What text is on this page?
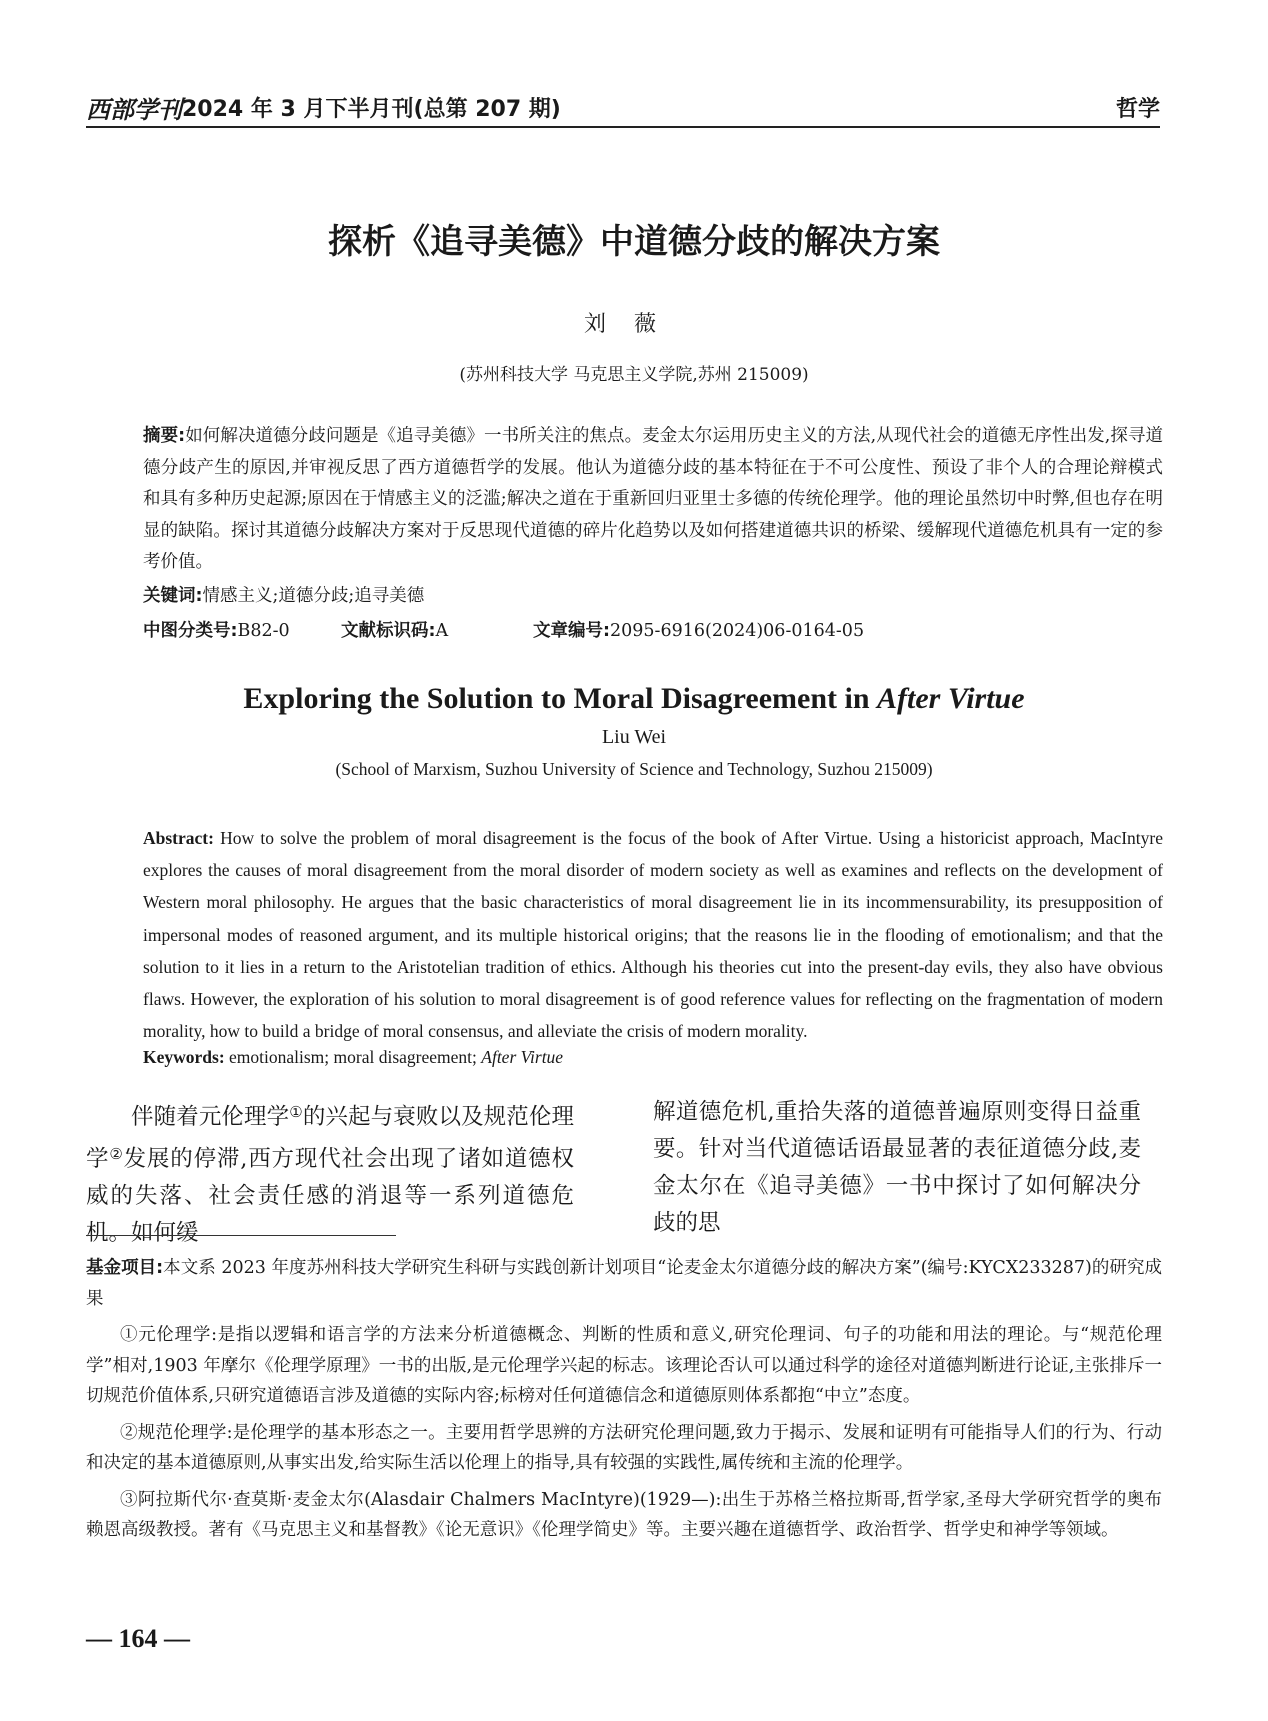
西部学刊 2024 年 3 月下半月刊(总第 207 期)	哲学
探析《追寻美德》中道德分歧的解决方案
刘薇
(苏州科技大学 马克思主义学院,苏州 215009)
摘要:如何解决道德分歧问题是《追寻美德》一书所关注的焦点。麦金太尔运用历史主义的方法,从现代社会的道德无序性出发,探寻道德分歧产生的原因,并审视反思了西方道德哲学的发展。他认为道德分歧的基本特征在于不可公度性、预设了非个人的合理论辩模式和具有多种历史起源;原因在于情感主义的泛滥;解决之道在于重新回归亚里士多德的传统伦理学。他的理论虽然切中时弊,但也存在明显的缺陷。探讨其道德分歧解决方案对于反思现代道德的碎片化趋势以及如何搭建道德共识的桥梁、缓解现代道德危机具有一定的参考价值。
关键词:情感主义;道德分歧;追寻美德
中图分类号:B82-0	文献标识码:A	文章编号:2095-6916(2024)06-0164-05
Exploring the Solution to Moral Disagreement in After Virtue
Liu Wei
(School of Marxism, Suzhou University of Science and Technology, Suzhou 215009)
Abstract: How to solve the problem of moral disagreement is the focus of the book of After Virtue. Using a historicist approach, MacIntyre explores the causes of moral disagreement from the moral disorder of modern society as well as examines and reflects on the development of Western moral philosophy. He argues that the basic characteristics of moral disagreement lie in its incommensurability, its presupposition of impersonal modes of reasoned argument, and its multiple historical origins; that the reasons lie in the flooding of emotionalism; and that the solution to it lies in a return to the Aristotelian tradition of ethics. Although his theories cut into the present-day evils, they also have obvious flaws. However, the exploration of his solution to moral disagreement is of good reference values for reflecting on the fragmentation of modern morality, how to build a bridge of moral consensus, and alleviate the crisis of modern morality.
Keywords: emotionalism; moral disagreement; After Virtue
伴随着元伦理学①的兴起与衰败以及规范伦理学②发展的停滞,西方现代社会出现了诸如道德权威的失落、社会责任感的消退等一系列道德危机。如何缓
解道德危机,重拾失落的道德普遍原则变得日益重要。针对当代道德话语最显著的表征道德分歧,麦金太尔在《追寻美德》一书中探讨了如何解决分歧的思

基金项目:本文系 2023 年度苏州科技大学研究生科研与实践创新计划项目“论麦金太尔道德分歧的解决方案”(编号:KYCX233287)的研究成果

①元伦理学:是指以逻辑和语言学的方法来分析道德概念、判断的性质和意义,研究伦理词、句子的功能和用法的理论。与“规范伦理学”相对,1903 年摩尔《伦理学原理》一书的出版,是元伦理学兴起的标志。该理论否认可以通过科学的途径对道德判断进行论证,主张排斥一切规范价值体系,只研究道德语言涉及道德的实际内容;标榜对任何道德信念和道德原则体系都抱“中立”态度。

②规范伦理学:是伦理学的基本形态之一。主要用哲学思辨的方法研究伦理问题,致力于揭示、发展和证明有可能指导人们的行为、行动和决定的基本道德原则,从事实出发,给实际生活以伦理上的指导,具有较强的实践性,属传统和主流的伦理学。

③阿拉斯代尔·查莫斯·麦金太尔(Alasdair Chalmers MacIntyre)(1929—):出生于苏格兰格拉斯哥,哲学家,圣母大学研究哲学的奥布赖恩高级教授。著有《马克思主义和基督教》《论无意识》《伦理学简史》等。主要兴趣在道德哲学、政治哲学、哲学史和神学等领域。

— 164 —
